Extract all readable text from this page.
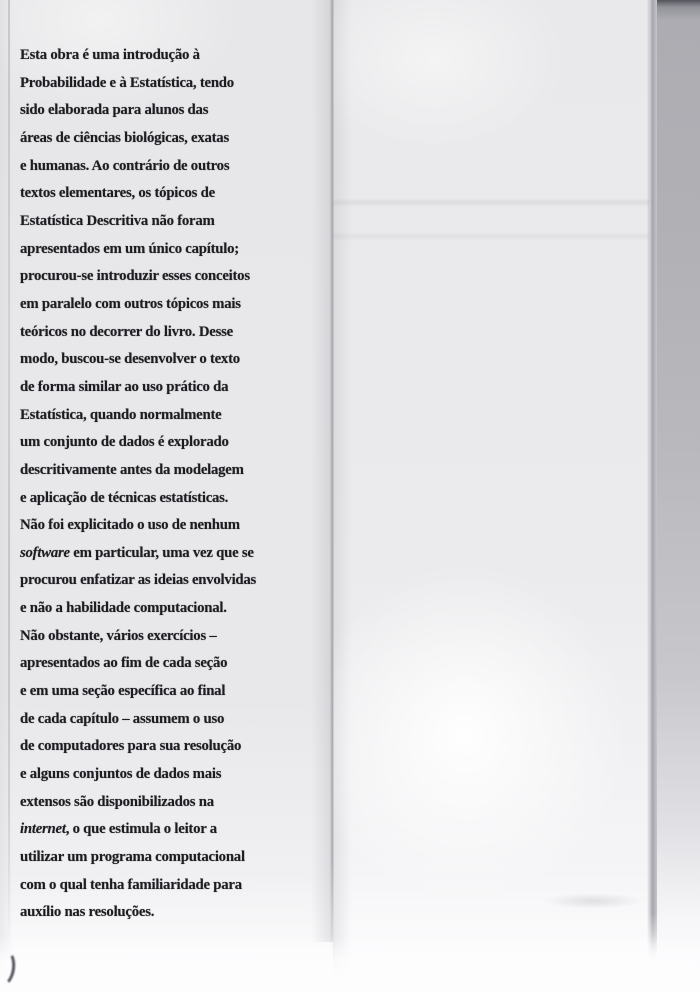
Esta obra é uma introdução à
Probabilidade e à Estatística, tendo
sido elaborada para alunos das
áreas de ciências biológicas, exatas
e humanas. Ao contrário de outros
textos elementares, os tópicos de
Estatística Descritiva não foram
apresentados em um único capítulo;
procurou-se introduzir esses conceitos
em paralelo com outros tópicos mais
teóricos no decorrer do livro. Desse
modo, buscou-se desenvolver o texto
de forma similar ao uso prático da
Estatística, quando normalmente
um conjunto de dados é explorado
descritivamente antes da modelagem
e aplicação de técnicas estatísticas.
Não foi explicitado o uso de nenhum
software em particular, uma vez que se
procurou enfatizar as ideias envolvidas
e não a habilidade computacional.
Não obstante, vários exercícios –
apresentados ao fim de cada seção
e em uma seção específica ao final
de cada capítulo – assumem o uso
de computadores para sua resolução
e alguns conjuntos de dados mais
extensos são disponibilizados na
internet, o que estimula o leitor a
utilizar um programa computacional
com o qual tenha familiaridade para
auxílio nas resoluções.
